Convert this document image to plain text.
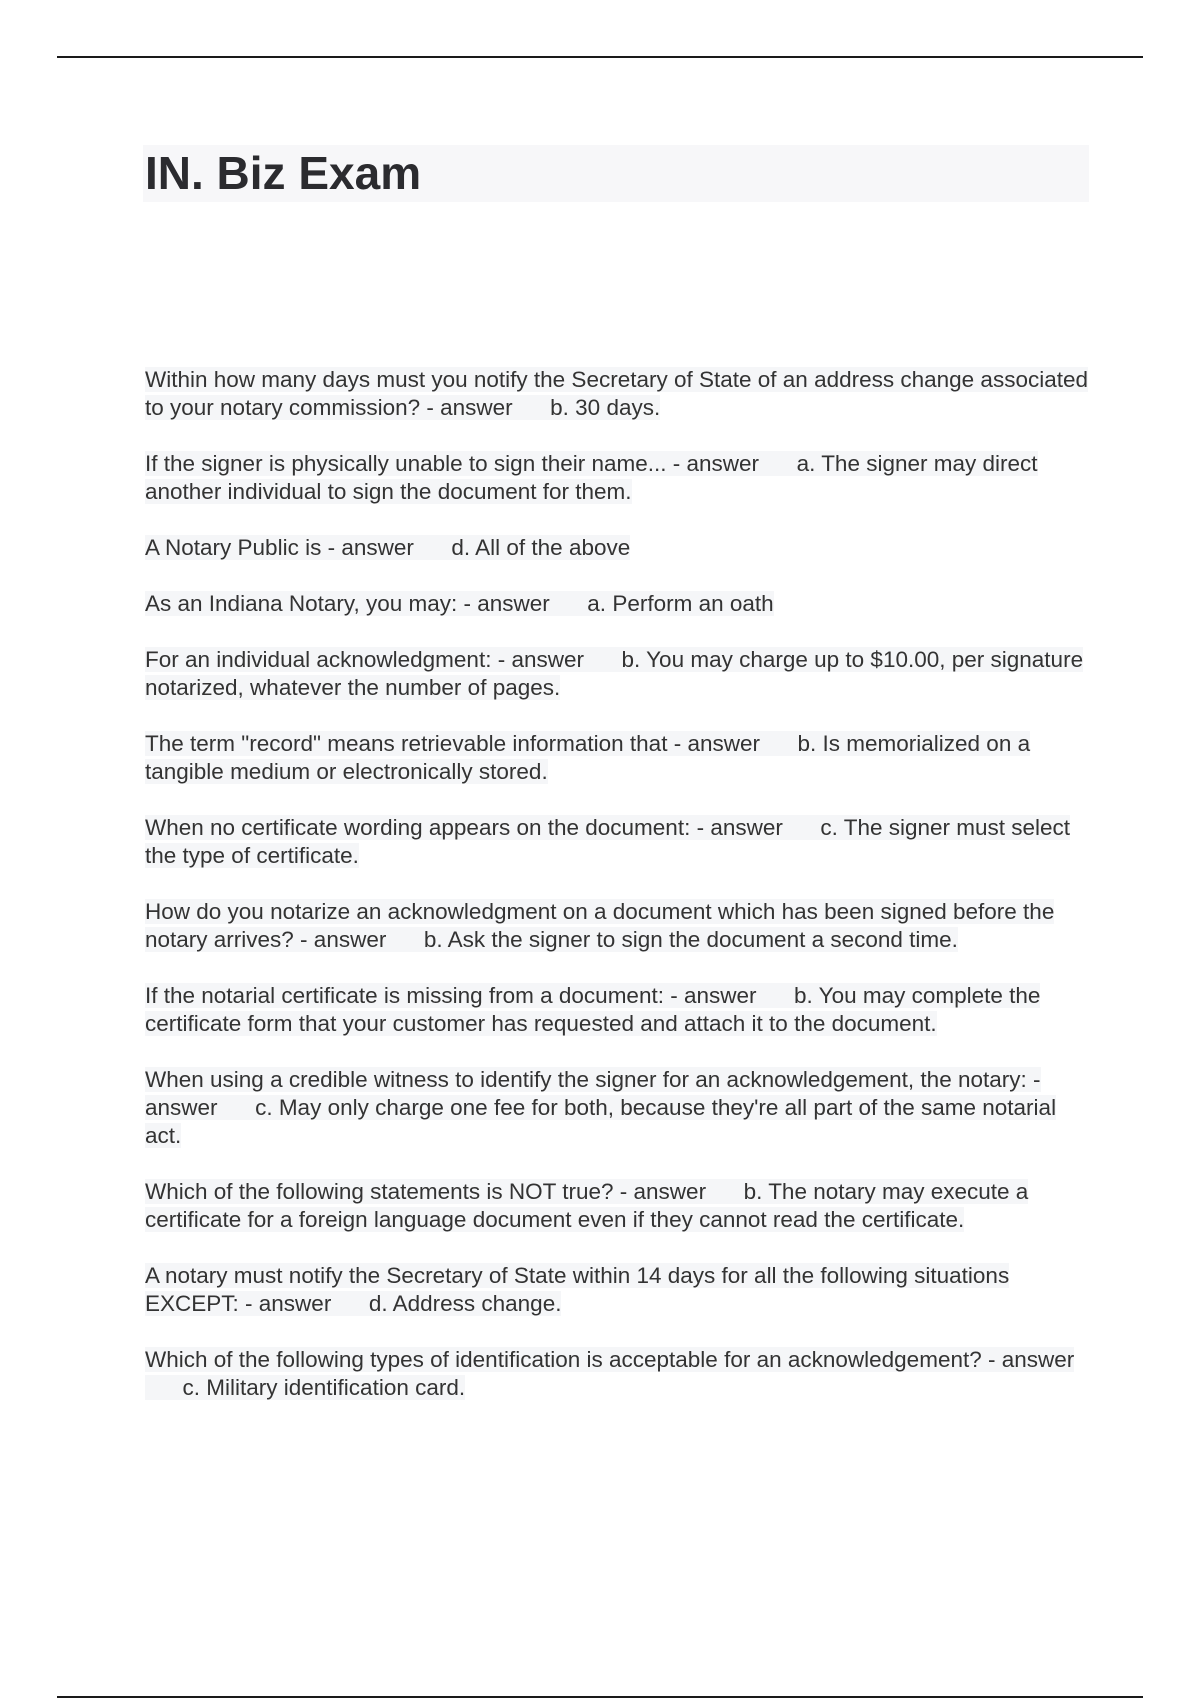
IN. Biz Exam

Within how many days must you notify the Secretary of State of an address change associated to your notary commission? - answer b. 30 days.

If the signer is physically unable to sign their name... - answer a. The signer may direct another individual to sign the document for them.

A Notary Public is - answer d. All of the above

As an Indiana Notary, you may: - answer a. Perform an oath

For an individual acknowledgment: - answer b. You may charge up to $10.00, per signature notarized, whatever the number of pages.

The term "record" means retrievable information that - answer b. Is memorialized on a tangible medium or electronically stored.

When no certificate wording appears on the document: - answer c. The signer must select the type of certificate.

How do you notarize an acknowledgment on a document which has been signed before the notary arrives? - answer b. Ask the signer to sign the document a second time.

If the notarial certificate is missing from a document: - answer b. You may complete the certificate form that your customer has requested and attach it to the document.

When using a credible witness to identify the signer for an acknowledgement, the notary: - answer c. May only charge one fee for both, because they're all part of the same notarial act.

Which of the following statements is NOT true? - answer b. The notary may execute a certificate for a foreign language document even if they cannot read the certificate.

A notary must notify the Secretary of State within 14 days for all the following situations EXCEPT: - answer d. Address change.

Which of the following types of identification is acceptable for an acknowledgement? - answer      c. Military identification card.
